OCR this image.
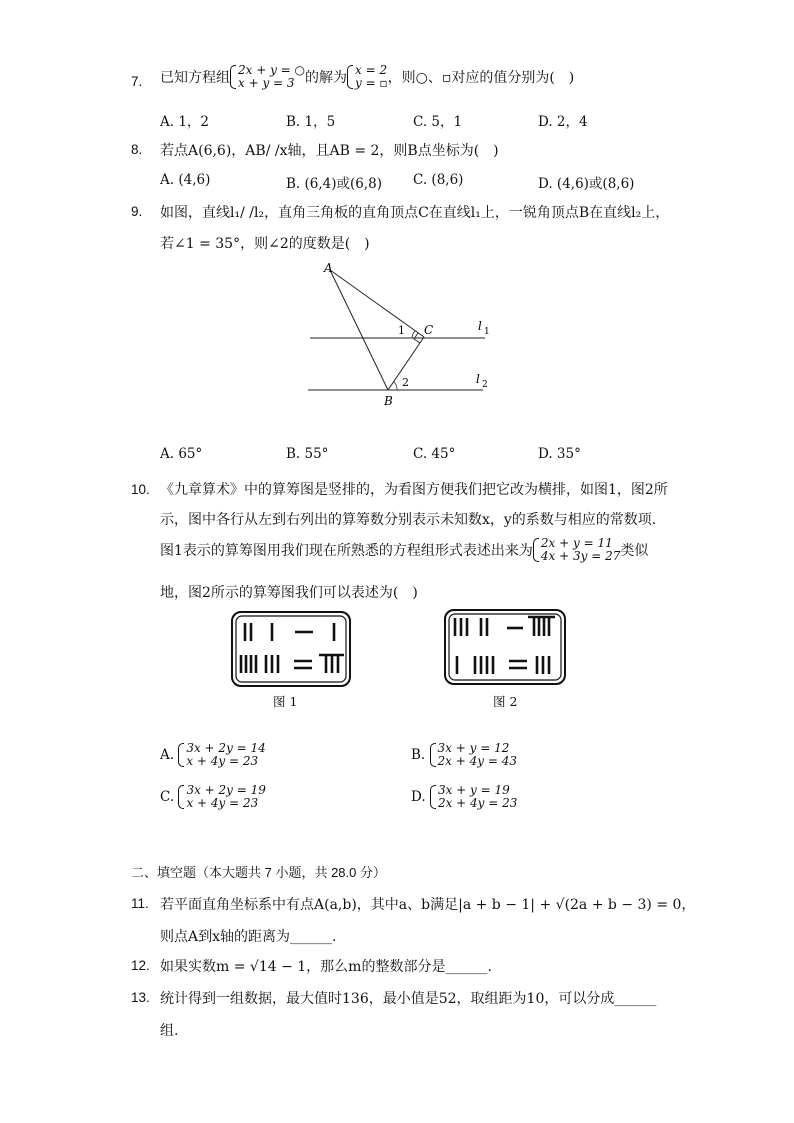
7. 已知方程组 2x + y = ○
x + y = 3 的解为 x = 2
y = ▫ ，则○、▫对应的值分别为(　)
A. 1，2	B. 1，5	C. 5，1	D. 2，4
8. 若点A(6,6)，AB/ /x轴，且AB = 2，则B点坐标为(　)
A. (4,6)	B. (6,4)或(6,8) C. (8,6)	D. (4,6)或(8,6)
9. 如图，直线l₁/ /l₂，直角三角板的直角顶点C在直线l₁上，一锐角顶点B在直线l₂上，
若∠1 = 35°，则∠2的度数是(　)
A
C
B
1
2
l 1
l 2
A. 65°	B. 55°	C. 45°	D. 35°
10. 《九章算术》中的算筹图是竖排的，为看图方便我们把它改为横排，如图1，图2所
示，图中各行从左到右列出的算筹数分别表示未知数x，y的系数与相应的常数项.
图1表示的算筹图用我们现在所熟悉的方程组形式表述出来为 2x + y = 11
4x + 3y = 27 类似
地，图2所示的算筹图我们可以表述为(　)
图 1	图 2
A. 3x + 2y = 14
x + 4y = 23	B. 3x + y = 12
2x + 4y = 43
C. 3x + 2y = 19
x + 4y = 23	D. 3x + y = 19
2x + 4y = 23
二、填空题（本大题共 7 小题，共 28.0 分）
11. 若平面直角坐标系中有点A(a,b)，其中a、b满足|a + b − 1| + √(2a + b − 3) = 0，
则点A到x轴的距离为______.
12. 如果实数m = √14 − 1，那么m的整数部分是______.
13. 统计得到一组数据，最大值时136，最小值是52，取组距为10，可以分成______
组.
